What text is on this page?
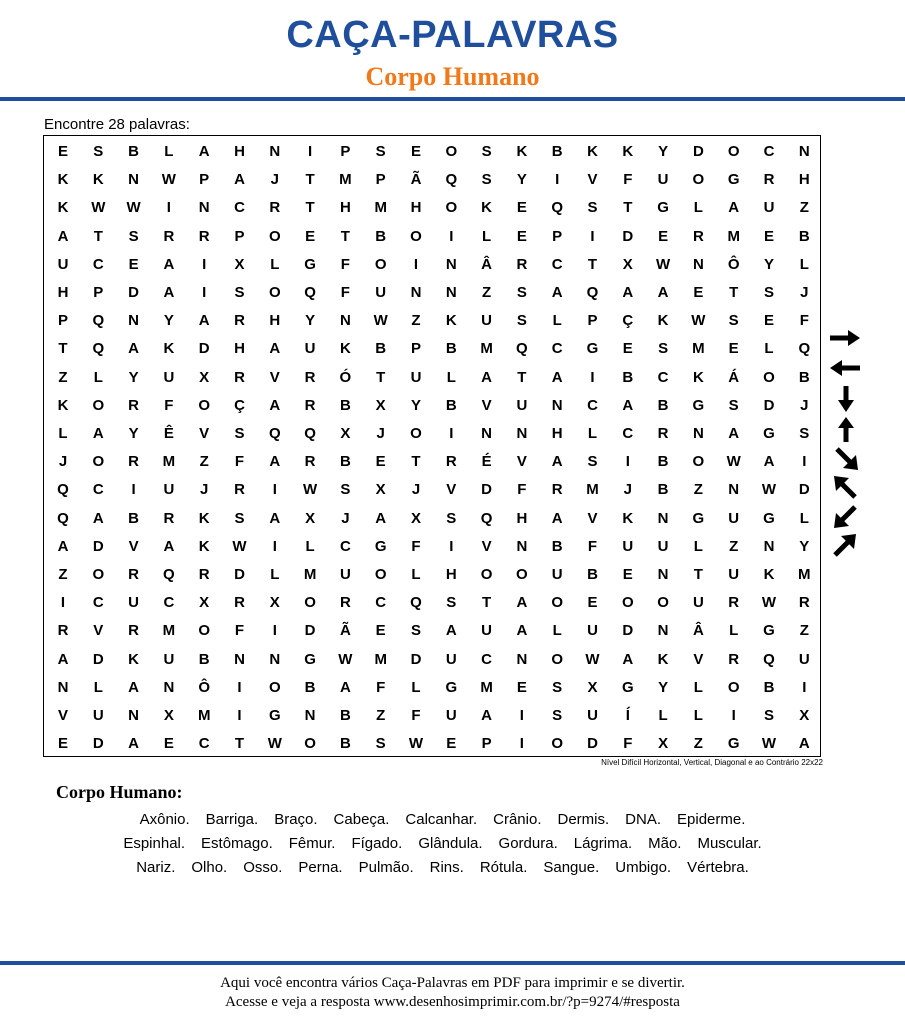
CAÇA-PALAVRAS
Corpo Humano
Encontre 28 palavras:
E	S	B	L	A	H	N	I	P	S	E	O	S	K	B	K	K	Y	D	O	C	N
K	K	N	W	P	A	J	T	M	P	Ã	Q	S	Y	I	V	F	U	O	G	R	H
K	W	W	I	N	C	R	T	H	M	H	O	K	E	Q	S	T	G	L	A	U	Z
A	T	S	R	R	P	O	E	T	B	O	I	L	E	P	I	D	E	R	M	E	B
U	C	E	A	I	X	L	G	F	O	I	N	Â	R	C	T	X	W	N	Ô	Y	L
H	P	D	A	I	S	O	Q	F	U	N	N	Z	S	A	Q	A	A	E	T	S	J
P	Q	N	Y	A	R	H	Y	N	W	Z	K	U	S	L	P	Ç	K	W	S	E	F
T	Q	A	K	D	H	A	U	K	B	P	B	M	Q	C	G	E	S	M	E	L	Q
Z	L	Y	U	X	R	V	R	Ó	T	U	L	A	T	A	I	B	C	K	Á	O	B
K	O	R	F	O	Ç	A	R	B	X	Y	B	V	U	N	C	A	B	G	S	D	J
L	A	Y	Ê	V	S	Q	Q	X	J	O	I	N	N	H	L	C	R	N	A	G	S
J	O	R	M	Z	F	A	R	B	E	T	R	É	V	A	S	I	B	O	W	A	I
Q	C	I	U	J	R	I	W	S	X	J	V	D	F	R	M	J	B	Z	N	W	D
Q	A	B	R	K	S	A	X	J	A	X	S	Q	H	A	V	K	N	G	U	G	L
A	D	V	A	K	W	I	L	C	G	F	I	V	N	B	F	U	U	L	Z	N	Y
Z	O	R	Q	R	D	L	M	U	O	L	H	O	O	U	B	E	N	T	U	K	M
I	C	U	C	X	R	X	O	R	C	Q	S	T	A	O	E	O	O	U	R	W	R
R	V	R	M	O	F	I	D	Ã	E	S	A	U	A	L	U	D	N	Â	L	G	Z
A	D	K	U	B	N	N	G	W	M	D	U	C	N	O	W	A	K	V	R	Q	U
N	L	A	N	Ô	I	O	B	A	F	L	G	M	E	S	X	G	Y	L	O	B	I
V	U	N	X	M	I	G	N	B	Z	F	U	A	I	S	U	Í	L	L	I	S	X
E	D	A	E	C	T	W	O	B	S	W	E	P	I	O	D	F	X	Z	G	W	A
Nível Difícil Horizontal, Vertical, Diagonal e ao Contrário 22x22
Corpo Humano:
Axônio. Barriga. Braço. Cabeça. Calcanhar. Crânio. Dermis. DNA. Epiderme.
Espinhal. Estômago. Fêmur. Fígado. Glândula. Gordura. Lágrima. Mão. Muscular.
Nariz. Olho. Osso. Perna. Pulmão. Rins. Rótula. Sangue. Umbigo. Vértebra.
Aqui você encontra vários Caça-Palavras em PDF para imprimir e se divertir.
Acesse e veja a resposta www.desenhosimprimir.com.br/?p=9274/#resposta
